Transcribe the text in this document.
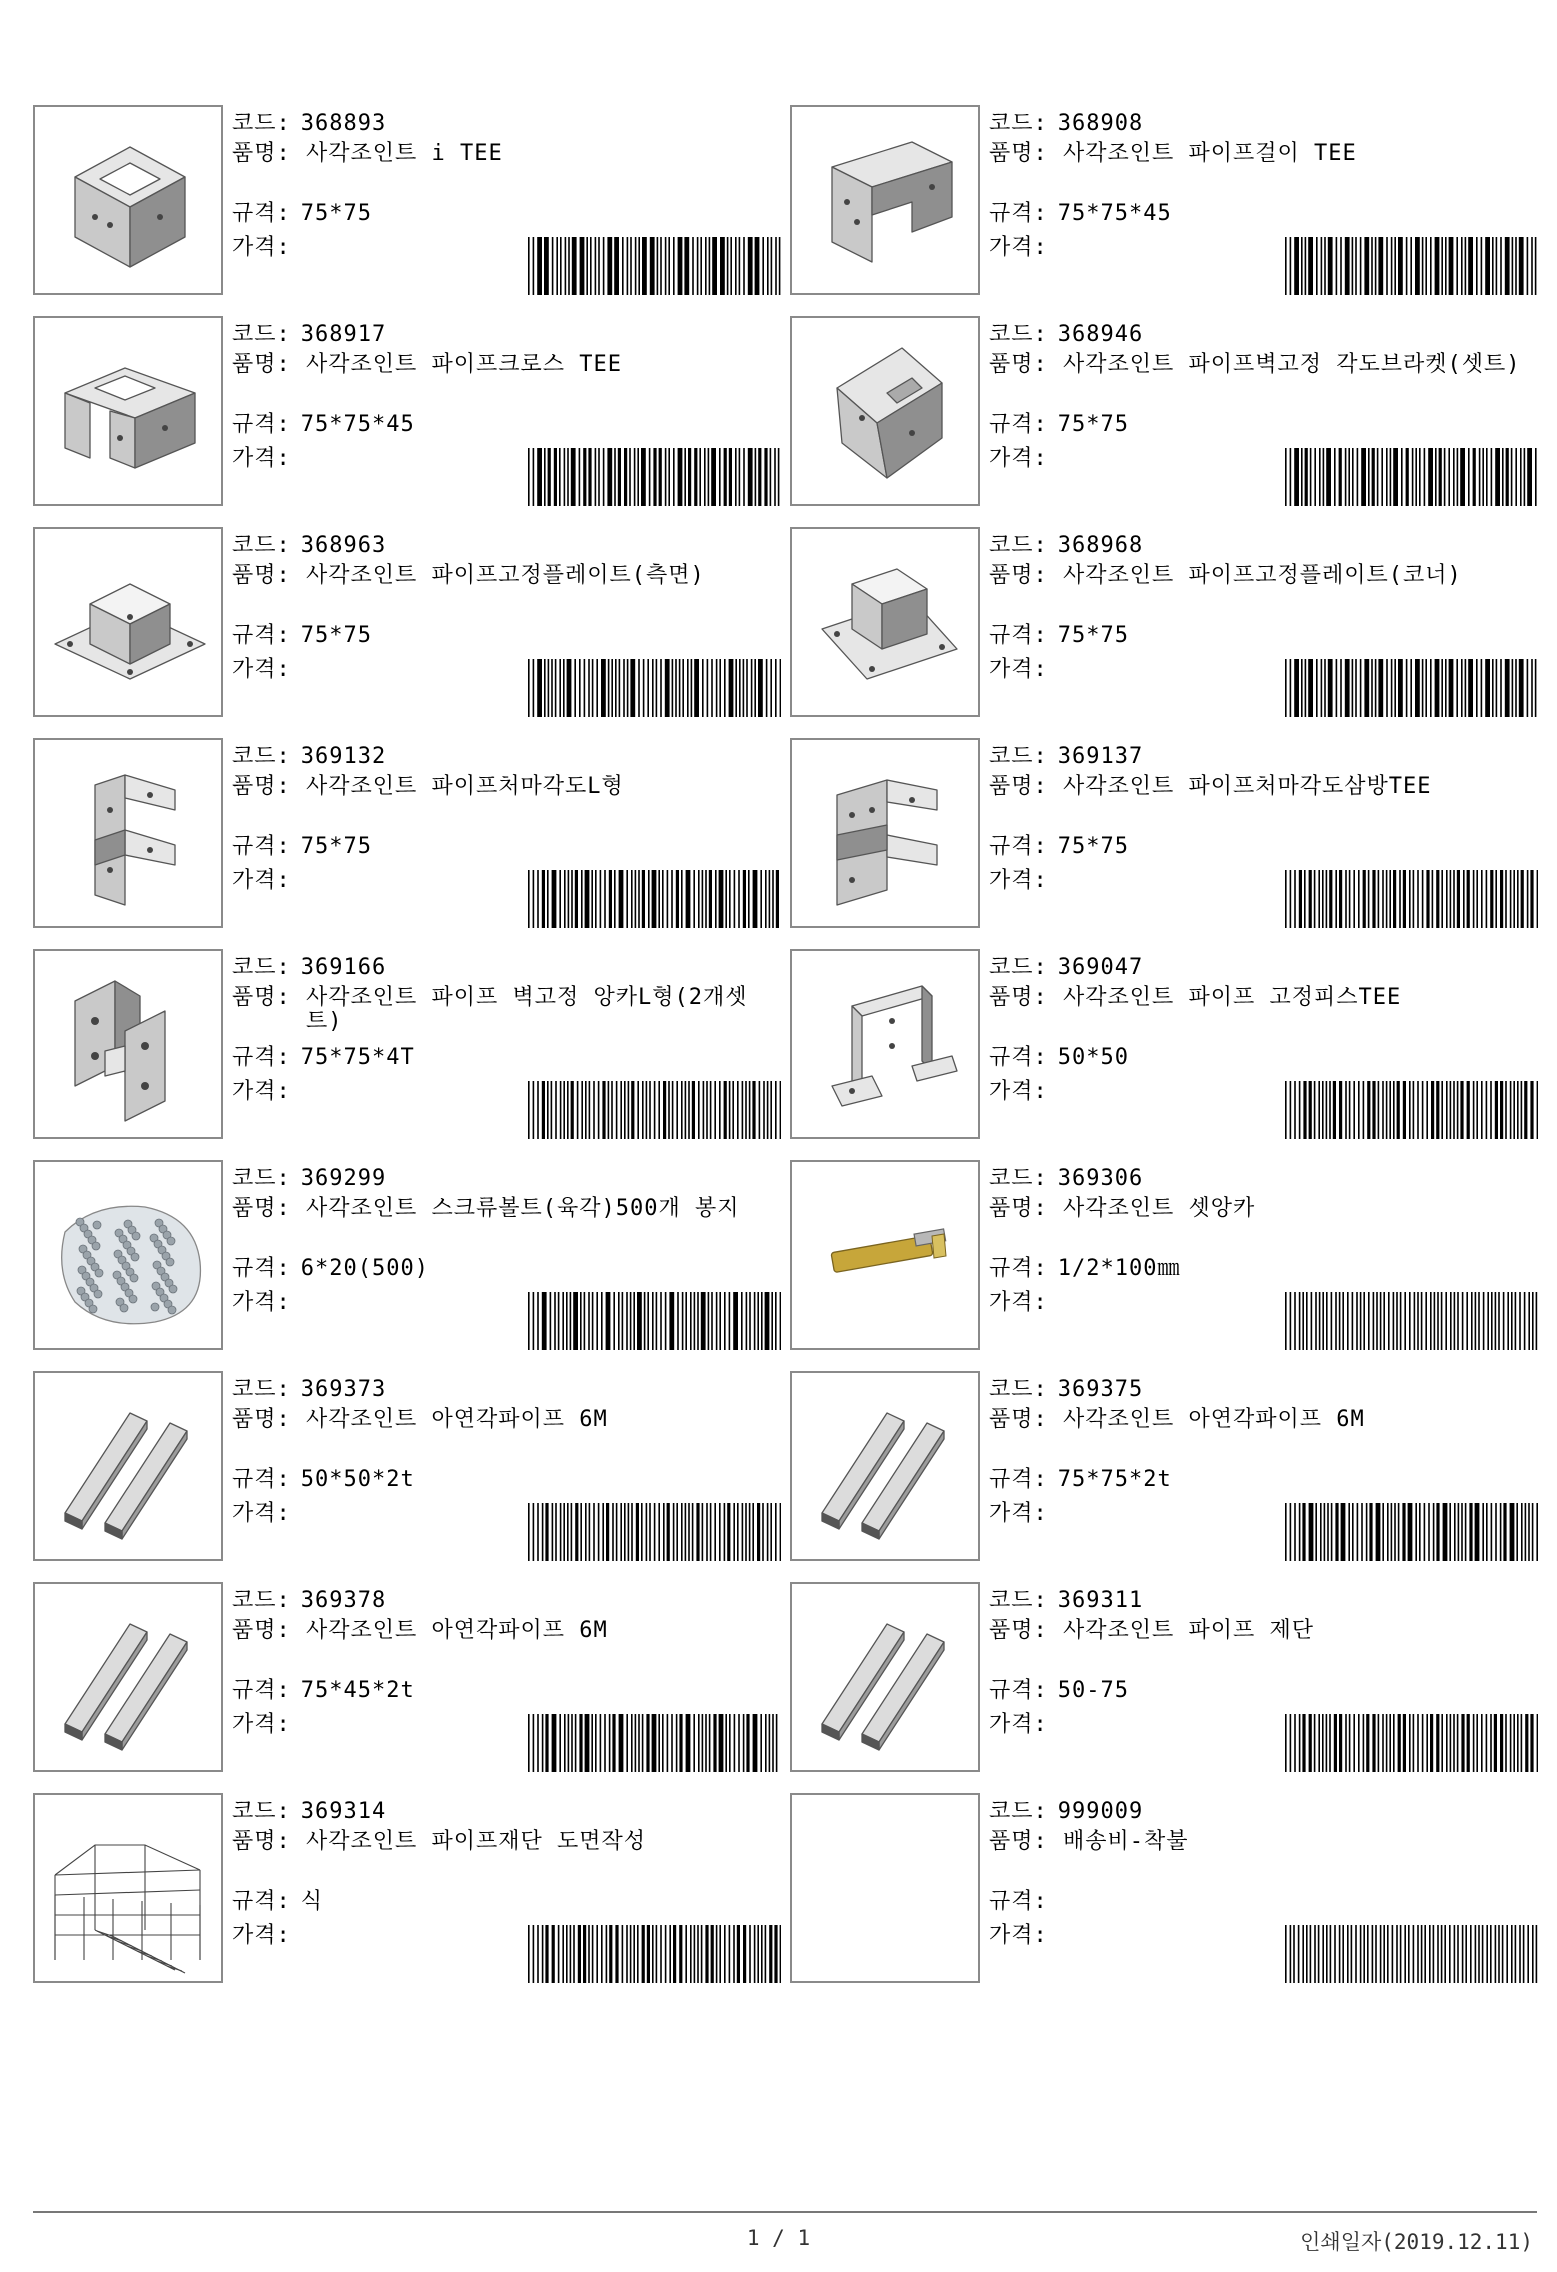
코드: 368893
품명: 사각조인트 i TEE
규격: 75*75
가격:
코드: 368908
품명: 사각조인트 파이프걸이 TEE
규격: 75*75*45
가격:
코드: 368917
품명: 사각조인트 파이프크로스 TEE
규격: 75*75*45
가격:
코드: 368946
품명: 사각조인트 파이프벽고정 각도브라켓(셋트)
규격: 75*75
가격:
코드: 368963
품명: 사각조인트 파이프고정플레이트(측면)
규격: 75*75
가격:
코드: 368968
품명: 사각조인트 파이프고정플레이트(코너)
규격: 75*75
가격:
코드: 369132
품명: 사각조인트 파이프처마각도L형
규격: 75*75
가격:
코드: 369137
품명: 사각조인트 파이프처마각도삼방TEE
규격: 75*75
가격:
코드: 369166
품명: 사각조인트 파이프 벽고정 앙카L형(2개셋트)
규격: 75*75*4T
가격:
코드: 369047
품명: 사각조인트 파이프 고정피스TEE
규격: 50*50
가격:
코드: 369299
품명: 사각조인트 스크류볼트(육각)500개 봉지
규격: 6*20(500)
가격:
코드: 369306
품명: 사각조인트 셋앙카
규격: 1/2*100㎜
가격:
코드: 369373
품명: 사각조인트 아연각파이프 6M
규격: 50*50*2t
가격:
코드: 369375
품명: 사각조인트 아연각파이프 6M
규격: 75*75*2t
가격:
코드: 369378
품명: 사각조인트 아연각파이프 6M
규격: 75*45*2t
가격:
코드: 369311
품명: 사각조인트 파이프 제단
규격: 50-75
가격:
코드: 369314
품명: 사각조인트 파이프재단 도면작성
규격: 식
가격:
코드: 999009
품명: 배송비-착불
규격:
가격:
1 / 1	인쇄일자(2019.12.11)
